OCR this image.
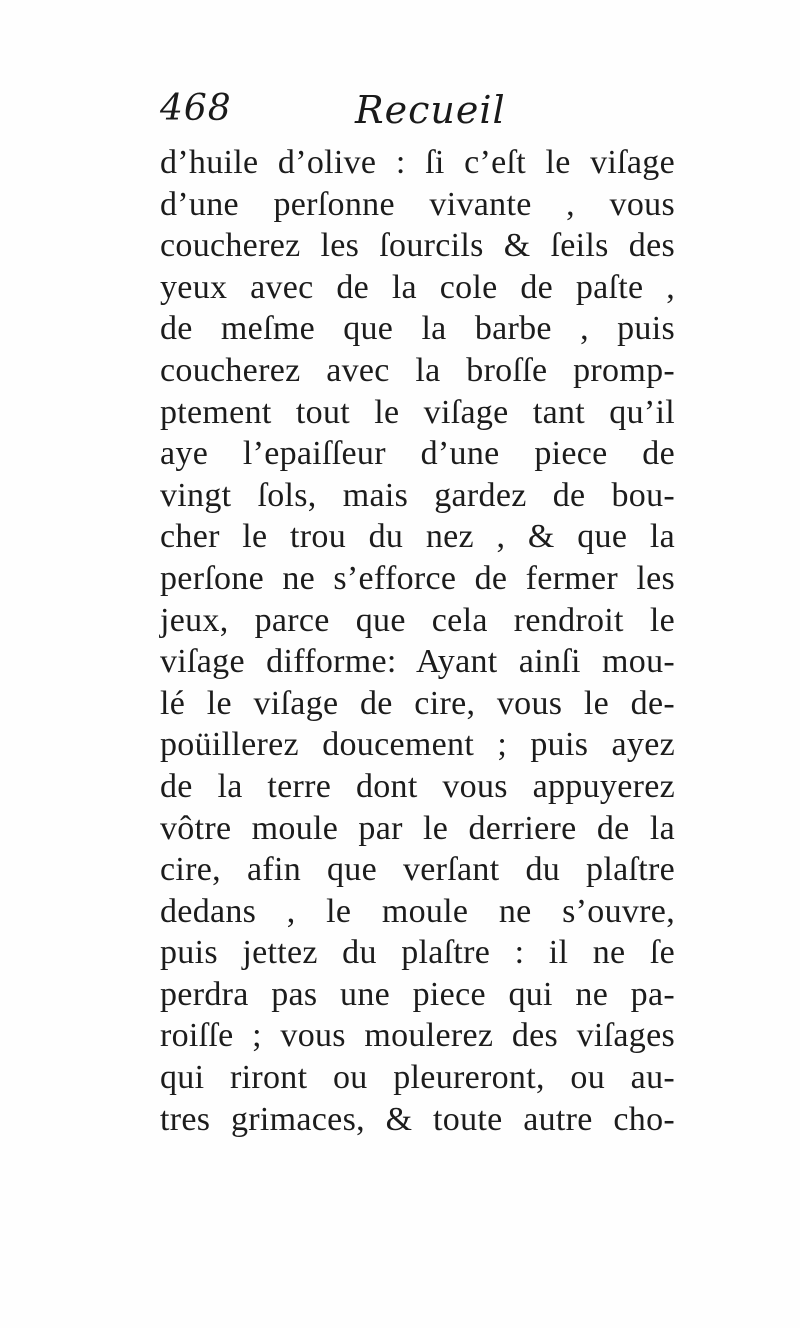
468	Recueil
d’huile d’olive : ſi c’eſt le viſage
d’une perſonne vivante , vous
coucherez les ſourcils & ſeils des
yeux avec de la cole de paſte ,
de meſme que la barbe , puis
coucherez avec la broſſe promp-
ptement tout le viſage tant qu’il
aye l’epaiſſeur d’une piece de
vingt ſols, mais gardez de bou-
cher le trou du nez , & que la
perſone ne s’efforce de fermer les
jeux, parce que cela rendroit le
viſage difforme: Ayant ainſi mou-
lé le viſage de cire, vous le de-
poüillerez doucement ; puis ayez
de la terre dont vous appuyerez
vôtre moule par le derriere de la
cire, afin que verſant du plaſtre
dedans , le moule ne s’ouvre,
puis jettez du plaſtre : il ne ſe
perdra pas une piece qui ne pa-
roiſſe ; vous moulerez des viſages
qui riront ou pleureront, ou au-
tres grimaces, & toute autre cho-
